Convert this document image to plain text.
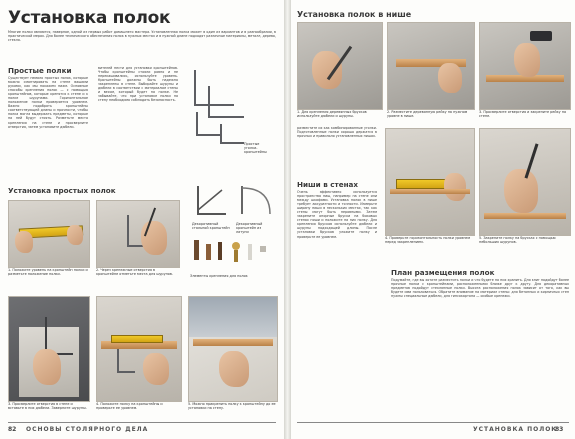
Установка полок
Многие полки являются, наверное, одной из первых работ домашнего мастера. Установленная полка может в один из вариантов и в разнообразии, в практической мерах. Для более технического обеспечения полок в нужных местах и в нужной длине подходят различные материалы, металл, дерево, стекло.
Простые полки
Существует немало простых полок, которые можно смонтировать на стене вашими руками, как мы покажем ниже. Основные способы крепления полок — с помощью кронштейнов, которые крепятся к стене и к полке шурупами. Горизонтальное положение полки проверяется уровнем. Важно подобрать кронштейны соответствующей длины и прочности, чтобы полка могла выдержать предметы, которые на ней будут стоять. Разметьте места крепления на стене и просверлите отверстия, затем установите дюбели.
вителей нести для установки кронштейнов. Чтобы кронштейны стояли ровно и не перекашивались, используйте уровень. Кронштейны должны быть надежно закреплены в стене. Выбирайте шурупы и дюбели в соответствии с материалом стены и весом, который будет на полке. Не забывайте, что при установке полки на стену необходимо соблюдать безопасность.
Простые уголки-кронштейны
Декоративный стальной кронштейн
Декоративный кронштейн из латуни
Элементы крепления для полок
Установка простых полок
1. Положите уровень на кронштейн полки и разметьте положение полки.
2. Через крепежные отверстия в кронштейне отметьте места для шурупов.
3. Просверлите отверстия в стене и вставьте в них дюбели. Заверните шурупы.
4. Положите полку на кронштейны и проверьте ее уровнем.
5. Можно прикрепить полку к кронштейну до ее установки на стену.
82 ОСНОВЫ СТОЛЯРНОГО ДЕЛА
Установка полок в нише
1. Для крепления деревянных брусков используйте дюбели и шурупы.
2. Разместите деревянную рейку на нужном уровне в нише.
3. Просверлите отверстия и закрепите рейку на стене.
разместите их как комбинированные уголки. Подготовленные полки хорошо держатся в прочных и правильно установленных нишах.
Ниши в стенах
Очень эффективно используется пространство ниш, например на стене или между шкафами. Установка полок в нише требует аккуратности и точности. Измерьте ширину ниши в нескольких местах, так как стены могут быть неровными. Затем закрепите опорные бруски на боковых стенах ниши и положите на них полку. Для крепления брусков используйте дюбели и шурупы подходящей длины. После установки брусков уложите полку и проверьте ее уровнем.	4. Проверьте горизонтальность полки уровнем перед закреплением.
5. Закрепите полку на брусках с помощью небольших шурупов.
План размещения полок
Подумайте, где вы хотите разместить полки и что будете на них хранить. Для книг подойдут более прочные полки с кронштейнами, расположенными ближе друг к другу. Для декоративных предметов подойдут стеклянные полки. Высота расположения полок зависит от того, как вы будете ими пользоваться. Обратите внимание на материал стены: для бетонных и кирпичных стен нужны специальные дюбели, для гипсокартона — особые крепежи.
УСТАНОВКА ПОЛОК
83
